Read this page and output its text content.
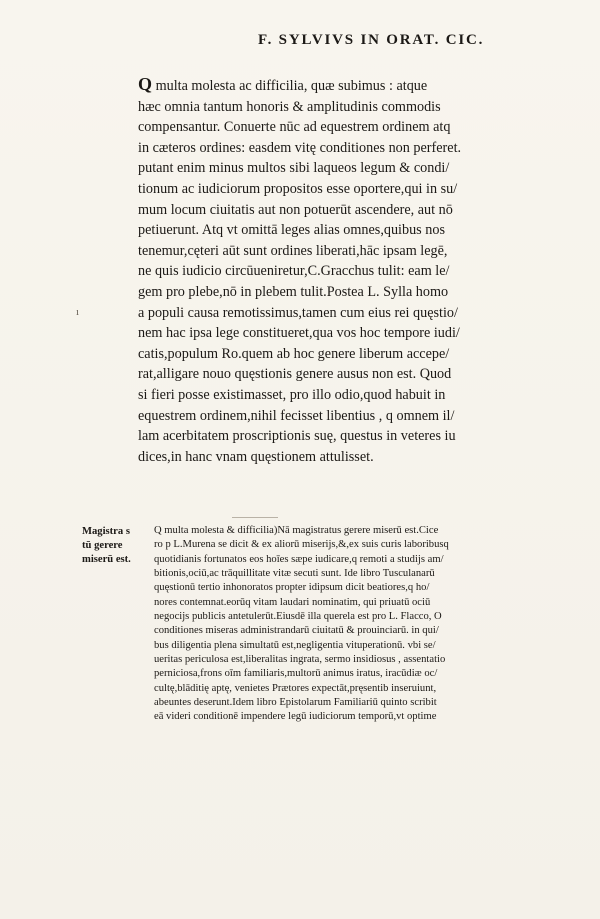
F. SYLVIVS IN ORAT. CIC.
Q multa molesta ac difficilia, quæ subimus : atque
hæc omnia tantum honoris & amplitudinis commodis
compensantur. Conuerte nūc ad equestrem ordinem atq
in cæteros ordines: easdem vitę conditiones non perferet.
putant enim minus multos sibi laqueos legum & condi/
tionum ac iudiciorum propositos esse oportere,qui in su/
mum locum ciuitatis aut non potuerūt ascendere, aut nō
petiuerunt. Atq vt omittā leges alias omnes,quibus nos
tenemur,cęteri aūt sunt ordines liberati,hāc ipsam legē,
ne quis iudicio circūueniretur,C.Gracchus tulit: eam le/
gem pro plebe,nō in plebem tulit.Postea L. Sylla homo
a populi causa remotissimus,tamen cum eius rei quęstio/
nem hac ipsa lege constitueret,qua vos hoc tempore iudi/
catis,populum Ro.quem ab hoc genere liberum accepe/
rat,alligare nouo quęstionis genere ausus non est. Quod
si fieri posse existimasset, pro illo odio,quod habuit in
equestrem ordinem,nihil fecisset libentius , q omnem il/
lam acerbitatem proscriptionis suę, questus in veteres iu
dices,in hanc vnam quęstionem attulisset.
ı
Magistra s
tū gerere
miserū est.
Q multa molesta & difficilia)Nā magistratus gerere miserū est.Cice
ro p L.Murena se dicit & ex aliorū miserijs,&,ex suis curis laboribusq
quotidianis fortunatos eos hoīes sæpe iudicare,q remoti a studijs am/
bitionis,ociū,ac trāquillitate vitæ secuti sunt. Ide libro Tusculanarū
quęstionū tertio inhonoratos propter idipsum dicit beatiores,q ho/
nores contemnat.eorūq vitam laudari nominatim, qui priuatū ociū
negocijs publicis antetulerūt.Eiusdē illa querela est pro L. Flacco, O
conditiones miseras administrandarū ciuitatū & prouinciarū. in qui/
bus diligentia plena simultatū est,negligentia vituperationū. vbi se/
ueritas periculosa est,liberalitas ingrata, sermo insidiosus , assentatio
perniciosa,frons oīm familiaris,multorū animus iratus, iracūdiæ oc/
cultę,blāditię aptę, venietes Prætores expectāt,pręsentib inseruiunt,
abeuntes deserunt.Idem libro Epistolarum Familiariū quinto scribit
eā videri conditionē impendere legū iudiciorum temporū,vt optime
